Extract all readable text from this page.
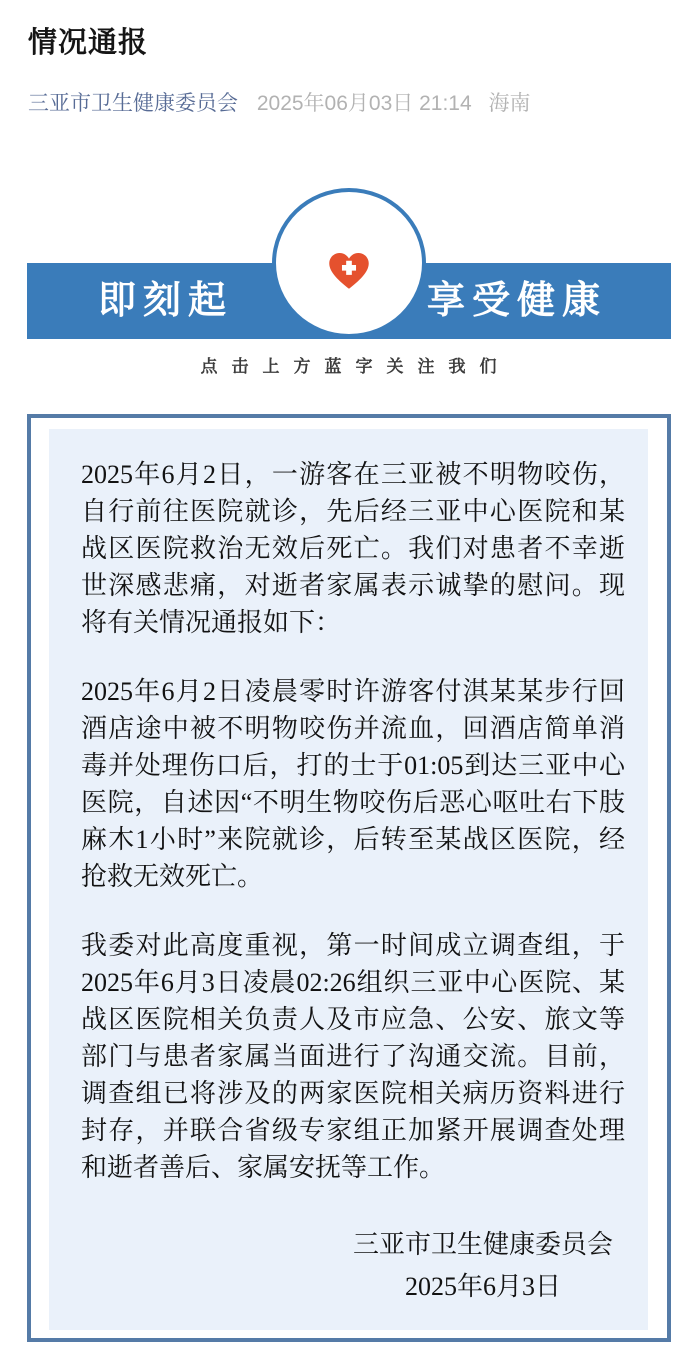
情况通报
三亚市卫生健康委员会 2025年06月03日 21:14 海南
即刻起	享受健康
点击上方蓝字关注我们

2025年6月2日，一游客在三亚被不明物咬伤，自行前往医院就诊，先后经三亚中心医院和某战区医院救治无效后死亡。我们对患者不幸逝世深感悲痛，对逝者家属表示诚挚的慰问。现将有关情况通报如下：

2025年6月2日凌晨零时许游客付淇某某步行回酒店途中被不明物咬伤并流血，回酒店简单消毒并处理伤口后，打的士于01:05到达三亚中心医院，自述因“不明生物咬伤后恶心呕吐右下肢麻木1小时”来院就诊，后转至某战区医院，经抢救无效死亡。

我委对此高度重视，第一时间成立调查组，于2025年6月3日凌晨02:26组织三亚中心医院、某战区医院相关负责人及市应急、公安、旅文等部门与患者家属当面进行了沟通交流。目前，调查组已将涉及的两家医院相关病历资料进行封存，并联合省级专家组正加紧开展调查处理和逝者善后、家属安抚等工作。

三亚市卫生健康委员会
2025年6月3日
